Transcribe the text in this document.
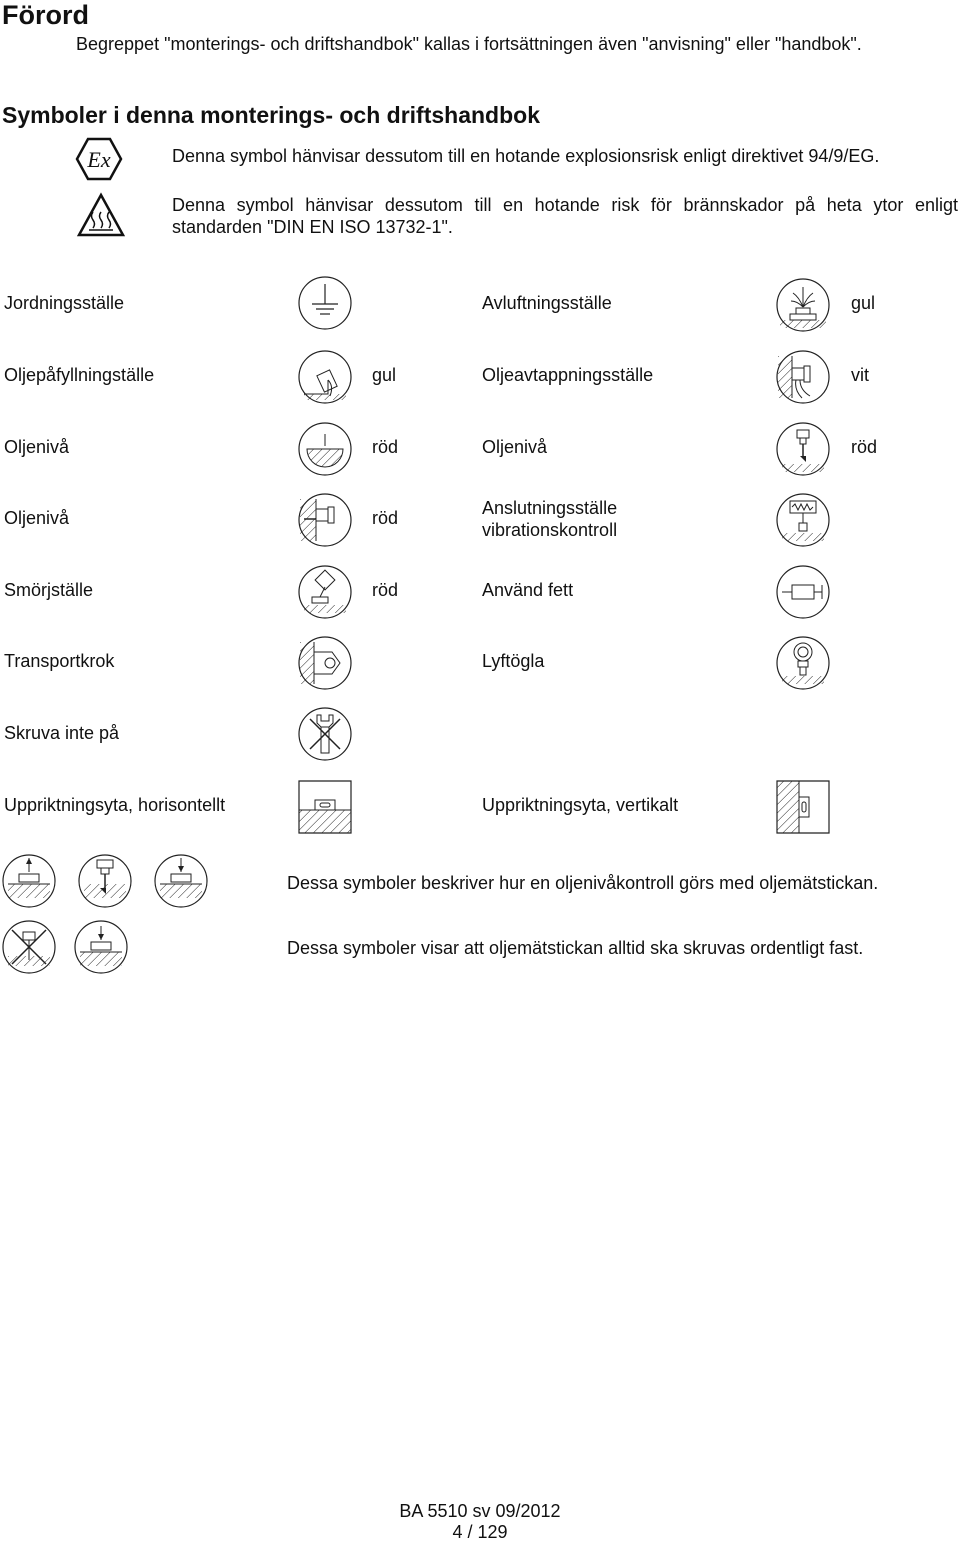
Förord
Begreppet "monterings- och driftshandbok" kallas i fortsättningen även "anvisning" eller "handbok".
Symboler i denna monterings- och driftshandbok
Ex	Denna symbol hänvisar dessutom till en hotande explosionsrisk enligt direktivet 94/9/EG.
Denna symbol hänvisar dessutom till en hotande risk för brännskador på heta ytor enligt standarden "DIN EN ISO 13732-1".
Jordningsställe	Avluftningsställe	gul
Oljepåfyllningställe	gul	Oljeavtappningsställe	vit
Oljenivå	röd	Oljenivå	röd
Oljenivå	röd	Anslutningsställe
vibrationskontroll
Smörjställe	röd	Använd fett
Transportkrok	Lyftögla
Skruva inte på
Uppriktningsyta, horisontellt	Uppriktningsyta, vertikalt
Dessa symboler beskriver hur en oljenivåkontroll görs med oljemätstickan.
Dessa symboler visar att oljemätstickan alltid ska skruvas ordentligt fast.
BA 5510 sv 09/2012
4 / 129
